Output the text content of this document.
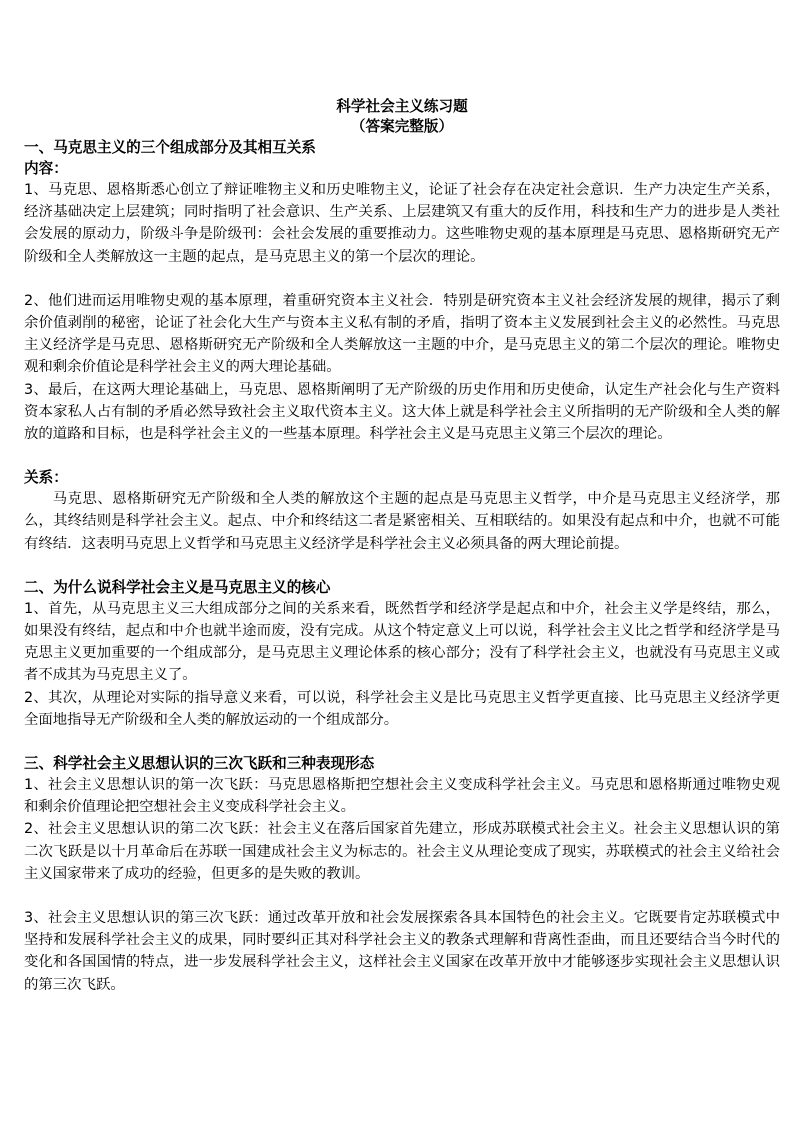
科学社会主义练习题
（答案完整版）
一、马克思主义的三个组成部分及其相互关系
内容：

1、马克思、恩格斯悉心创立了辩证唯物主义和历史唯物主义，论证了社会存在决定社会意识．生产力决定生产关系，经济基础决定上层建筑；同时指明了社会意识、生产关系、上层建筑又有重大的反作用，科技和生产力的进步是人类社会发展的原动力，阶级斗争是阶级刊：会社会发展的重要推动力。这些唯物史观的基本原理是马克思、恩格斯研究无产阶级和全人类解放这一主题的起点，是马克思主义的第一个层次的理论。

2、他们进而运用唯物史观的基本原理，着重研究资本主义社会．特别是研究资本主义社会经济发展的规律，揭示了剩余价值剥削的秘密，论证了社会化大生产与资本主义私有制的矛盾，指明了资本主义发展到社会主义的必然性。马克思主义经济学是马克思、恩格斯研究无产阶级和全人类解放这一主题的中介，是马克思主义的第二个层次的理论。唯物史观和剩余价值论是科学社会主义的两大理论基础。

3、最后，在这两大理论基础上，马克思、恩格斯阐明了无产阶级的历史作用和历史使命，认定生产社会化与生产资料资本家私人占有制的矛盾必然导致社会主义取代资本主义。这大体上就是科学社会主义所指明的无产阶级和全人类的解放的道路和目标，也是科学社会主义的一些基本原理。科学社会主义是马克思主义第三个层次的理论。

关系：

马克思、恩格斯研究无产阶级和全人类的解放这个主题的起点是马克思主义哲学，中介是马克思主义经济学，那么，其终结则是科学社会主义。起点、中介和终结这二者是紧密相关、互相联结的。如果没有起点和中介，也就不可能有终结．这表明马克思上义哲学和马克思主义经济学是科学社会主义必须具备的两大理论前提。

二、为什么说科学社会主义是马克思主义的核心

1、首先，从马克思主义三大组成部分之间的关系来看，既然哲学和经济学是起点和中介，社会主义学是终结，那么，如果没有终结，起点和中介也就半途而废，没有完成。从这个特定意义上可以说，科学社会主义比之哲学和经济学是马克思主义更加重要的一个组成部分，是马克思主义理论体系的核心部分；没有了科学社会主义，也就没有马克思主义或者不成其为马克思主义了。

2、其次，从理论对实际的指导意义来看，可以说，科学社会主义是比马克思主义哲学更直接、比马克思主义经济学更全面地指导无产阶级和全人类的解放运动的一个组成部分。

三、科学社会主义思想认识的三次飞跃和三种表现形态

1、社会主义思想认识的第一次飞跃：马克思恩格斯把空想社会主义变成科学社会主义。马克思和恩格斯通过唯物史观和剩余价值理论把空想社会主义变成科学社会主义。

2、社会主义思想认识的第二次飞跃：社会主义在落后国家首先建立，形成苏联模式社会主义。社会主义思想认识的第二次飞跃是以十月革命后在苏联一国建成社会主义为标志的。社会主义从理论变成了现实，苏联模式的社会主义给社会主义国家带来了成功的经验，但更多的是失败的教训。

3、社会主义思想认识的第三次飞跃：通过改革开放和社会发展探索各具本国特色的社会主义。它既要肯定苏联模式中坚持和发展科学社会主义的成果，同时要纠正其对科学社会主义的教条式理解和背离性歪曲，而且还要结合当今时代的变化和各国国情的特点，进一步发展科学社会主义，这样社会主义国家在改革开放中才能够逐步实现社会主义思想认识的第三次飞跃。
